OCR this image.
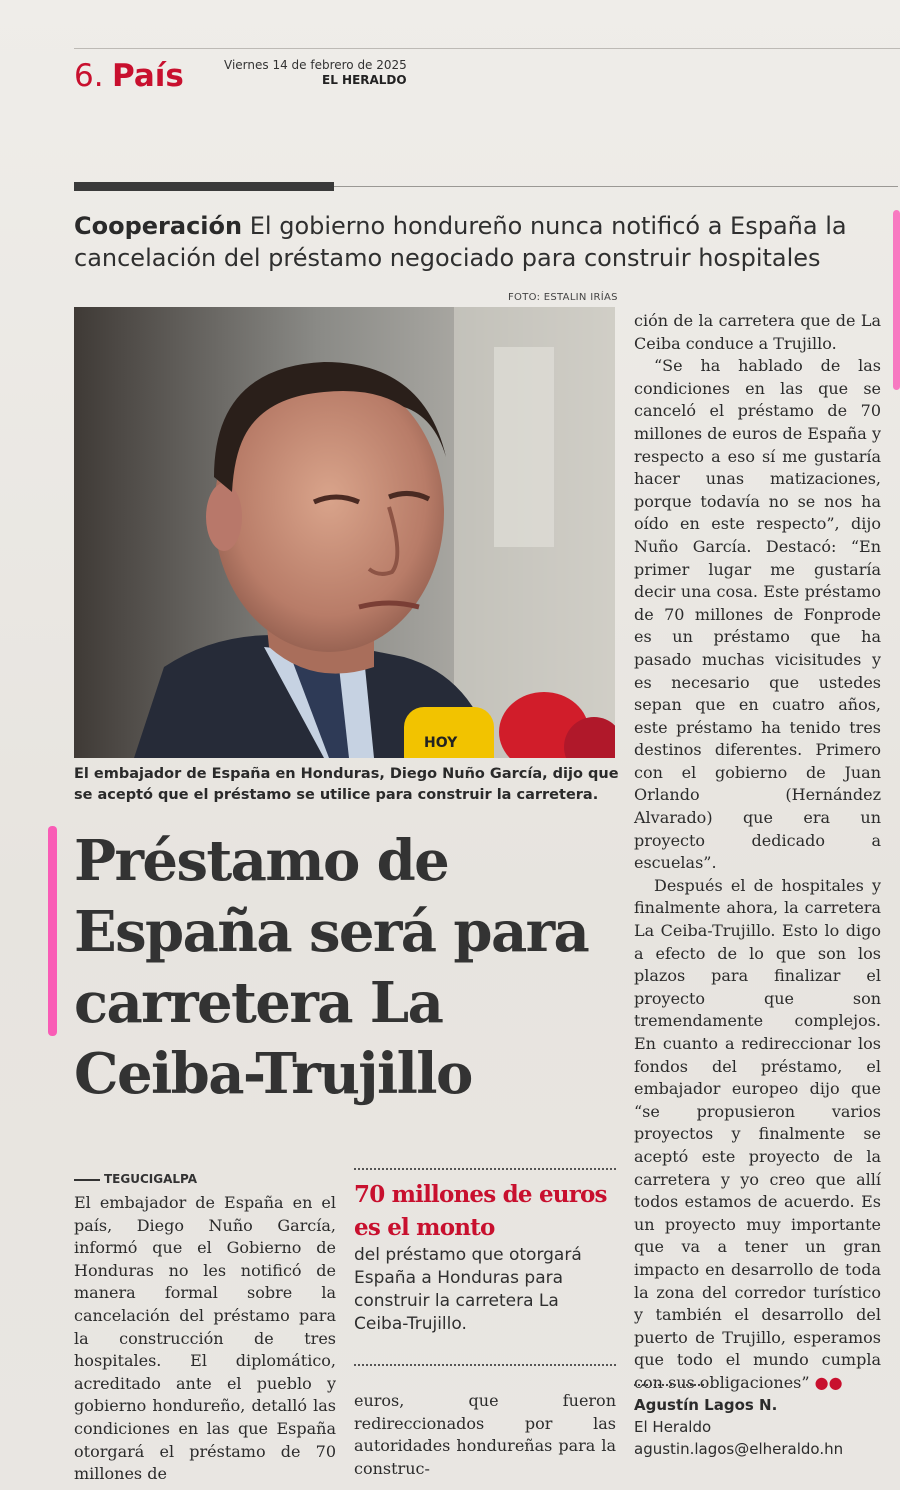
6. País	Viernes 14 de febrero de 2025
EL HERALDO
Cooperación El gobierno hondureño nunca notificó a España la cancelación del préstamo negociado para construir hospitales
FOTO: ESTALIN IRÍAS
HOY
El embajador de España en Honduras, Diego Nuño García, dijo que se aceptó que el préstamo se utilice para construir la carretera.
Préstamo de España será para carretera La Ceiba-Trujillo
TEGUCIGALPA
El embajador de España en el país, Diego Nuño García, informó que el Gobierno de Honduras no les notificó de manera formal sobre la cancelación del préstamo para la construcción de tres hospitales. El diplomático, acreditado ante el pueblo y gobierno hondureño, detalló las condiciones en las que España otorgará el préstamo de 70 millones de
70 millones de euros es el monto
del préstamo que otorgará España a Honduras para construir la carretera La Ceiba-Trujillo.
euros, que fueron redireccionados por las autoridades hondureñas para la construc-
ción de la carretera que de La Ceiba conduce a Trujillo.
“Se ha hablado de las condiciones en las que se canceló el préstamo de 70 millones de euros de España y respecto a eso sí me gustaría hacer unas matizaciones, porque todavía no se nos ha oído en este respecto”, dijo Nuño García. Destacó: “En primer lugar me gustaría decir una cosa. Este préstamo de 70 millones de Fonprode es un préstamo que ha pasado muchas vicisitudes y es necesario que ustedes sepan que en cuatro años, este préstamo ha tenido tres destinos diferentes. Primero con el gobierno de Juan Orlando (Hernández Alvarado) que era un proyecto dedicado a escuelas”.
Después el de hospitales y finalmente ahora, la carretera La Ceiba-Trujillo. Esto lo digo a efecto de lo que son los plazos para finalizar el proyecto que son tremendamente complejos. En cuanto a redireccionar los fondos del préstamo, el embajador europeo dijo que “se propusieron varios proyectos y finalmente se aceptó este proyecto de la carretera y yo creo que allí todos estamos de acuerdo. Es un proyecto muy importante que va a tener un gran impacto en desarrollo de toda la zona del corredor turístico y también el desarrollo del puerto de Trujillo, esperamos que todo el mundo cumpla con sus obligaciones” ●●
Agustín Lagos N.
El Heraldo
agustin.lagos@elheraldo.hn
